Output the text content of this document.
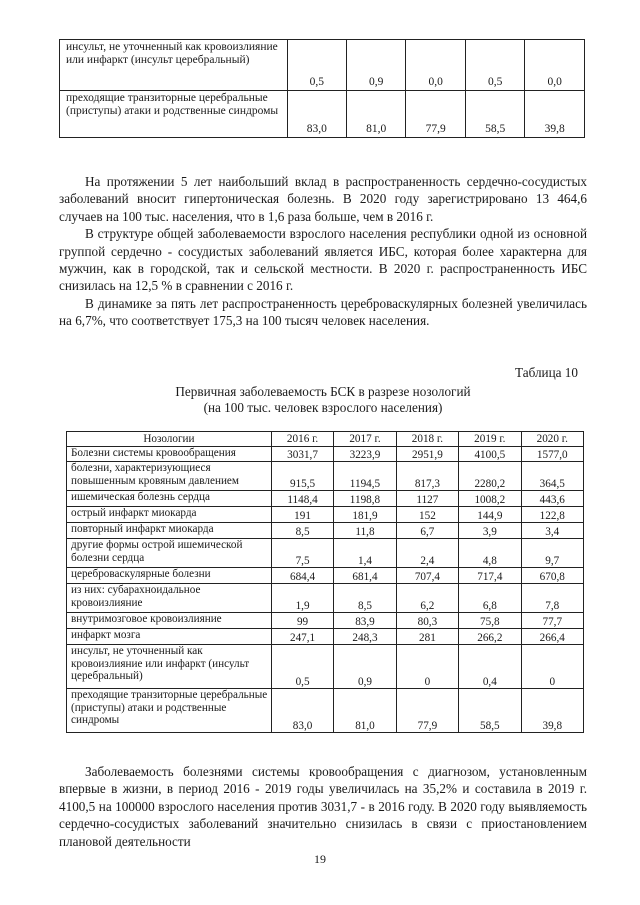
инсульт, не уточненный как кровоизлияние или инфаркт (инсульт церебральный)	0,5	0,9	0,0	0,5	0,0
преходящие транзиторные церебральные (приступы) атаки и родственные синдромы	83,0	81,0	77,9	58,5	39,8

На протяжении 5 лет наибольший вклад в распространенность сердечно-сосудистых заболеваний вносит гипертоническая болезнь. В 2020 году зарегистрировано 13 464,6 случаев на 100 тыс. населения, что в 1,6 раза больше, чем в 2016 г.

В структуре общей заболеваемости взрослого населения республики одной из основной группой сердечно - сосудистых заболеваний является ИБС, которая более характерна для мужчин, как в городской, так и сельской местности. В 2020 г. распространенность ИБС снизилась на 12,5 % в сравнении с 2016 г.

В динамике за пять лет распространенность цереброваскулярных болезней увеличилась на 6,7%, что соответствует 175,3 на 100 тысяч человек населения.

Таблица 10
Первичная заболеваемость БСК в разрезе нозологий
(на 100 тыс. человек взрослого населения)
Нозологии	2016 г.	2017 г.	2018 г.	2019 г.	2020 г.
Болезни системы кровообращения	3031,7	3223,9	2951,9	4100,5	1577,0
болезни, характеризующиеся повышенным кровяным давлением	915,5	1194,5	817,3	2280,2	364,5
ишемическая болезнь сердца	1148,4	1198,8	1127	1008,2	443,6
острый инфаркт миокарда	191	181,9	152	144,9	122,8
повторный инфаркт миокарда	8,5	11,8	6,7	3,9	3,4
другие формы острой ишемической болезни сердца	7,5	1,4	2,4	4,8	9,7
цереброваскулярные болезни	684,4	681,4	707,4	717,4	670,8
из них: субарахноидальное кровоизлияние	1,9	8,5	6,2	6,8	7,8
внутримозговое кровоизлияние	99	83,9	80,3	75,8	77,7
инфаркт мозга	247,1	248,3	281	266,2	266,4
инсульт, не уточненный как кровоизлияние или инфаркт (инсульт церебральный)	0,5	0,9	0	0,4	0
преходящие транзиторные церебральные (приступы) атаки и родственные синдромы	83,0	81,0	77,9	58,5	39,8

Заболеваемость болезнями системы кровообращения с диагнозом, установленным впервые в жизни, в период 2016 - 2019 годы увеличилась на 35,2% и составила в 2019 г. 4100,5 на 100000 взрослого населения против 3031,7 - в 2016 году. В 2020 году выявляемость сердечно-сосудистых заболеваний значительно снизилась в связи с приостановлением плановой деятельности

19
